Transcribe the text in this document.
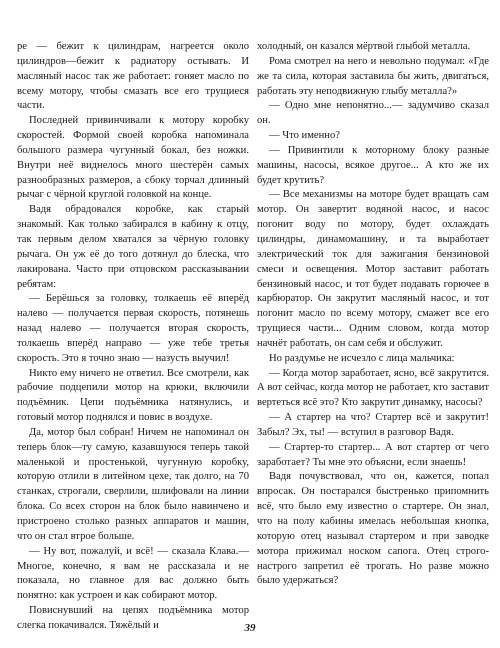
ре — бежит к цилиндрам, нагреется около цилиндров—бежит к радиатору остывать. И масляный насос так же работает: гоняет масло по всему мотору, чтобы смазать все его трущиеся части.

Последней привинчивали к мотору коробку скоростей. Формой своей коробка напоминала большого размера чугунный бокал, без ножки. Внутри неё виднелось много шестерён самых разнообразных размеров, а сбоку торчал длинный рычаг с чёрной круглой головкой на конце.

Вадя обрадовался коробке, как старый знакомый. Как только забирался в кабину к отцу, так первым делом хватался за чёрную головку рычага. Он уж её до того дотянул до блеска, что лакирована. Часто при отцовском рассказывании ребятам:

— Берёшься за головку, толкаешь её вперёд налево — получается первая скорость, потянешь назад налево — получается вторая скорость, толкаешь вперёд направо — уже тебе третья скорость. Это я точно знаю — назусть выучил!

Никто ему ничего не ответил. Все смотрели, как рабочие подцепили мотор на крюки, включили подъёмник. Цепи подъёмника натянулись, и готовый мотор поднялся и повис в воздухе.

Да, мотор был собран! Ничем не напоминал он теперь блок—ту самую, казавшуюся теперь такой маленькой и простенькой, чугунную коробку, которую отлили в литейном цехе, так долго, на 70 станках, строгали, сверлили, шлифовали на линии блока. Со всех сторон на блок было навинчено и пристроено столько разных аппаратов и машин, что он стал втрое больше.

— Ну вот, пожалуй, и всё! — сказала Клава.— Многое, конечно, я вам не рассказала и не показала, но главное для вас должно быть понятно: как устроен и как собирают мотор.

Повиснувший на цепях подъёмника мотор слегка покачивался. Тяжёлый и

холодный, он казался мёртвой глыбой металла.

Рома смотрел на него и невольно подумал: «Где же та сила, которая заставила бы жить, двигаться, работать эту неподвижную глыбу металла?»

— Одно мне непонятно...— задумчиво сказал он.

— Что именно?

— Привинтили к моторному блоку разные машины, насосы, всякое другое... А кто же их будет крутить?

— Все механизмы на моторе будет вращать сам мотор. Он завертит водяной насос, и насос погонит воду по мотору, будет охлаждать цилиндры, динамомашину, и та выработает электрический ток для зажигания бензиновой смеси и освещения. Мотор заставит работать бензиновый насос, и тот будет подавать горючее в карбюратор. Он закрутит масляный насос, и тот погонит масло по всему мотору, смажет все его трущиеся части... Одним словом, когда мотор начнёт работать, он сам себя и обслужит.

Но раздумье не исчезло с лица мальчика:

— Когда мотор заработает, ясно, всё закрутится. А вот сейчас, когда мотор не работает, кто заставит вертеться всё это? Кто закрутит динамку, насосы?

— А стартер на что? Стартер всё и закрутит! Забыл? Эх, ты! — вступил в разговор Вадя.

— Стартер-то стартер... А вот стартер от чего заработает? Ты мне это объясни, если знаешь!

Вадя почувствовал, что он, кажется, попал впросак. Он постарался быстренько припомнить всё, что было ему известно о стартере. Он знал, что на полу кабины имелась небольшая кнопка, которую отец называл стартером и при заводке мотора прижимал носком сапога. Отец строго-настрого запретил её трогать. Но разве можно было удержаться?

39
